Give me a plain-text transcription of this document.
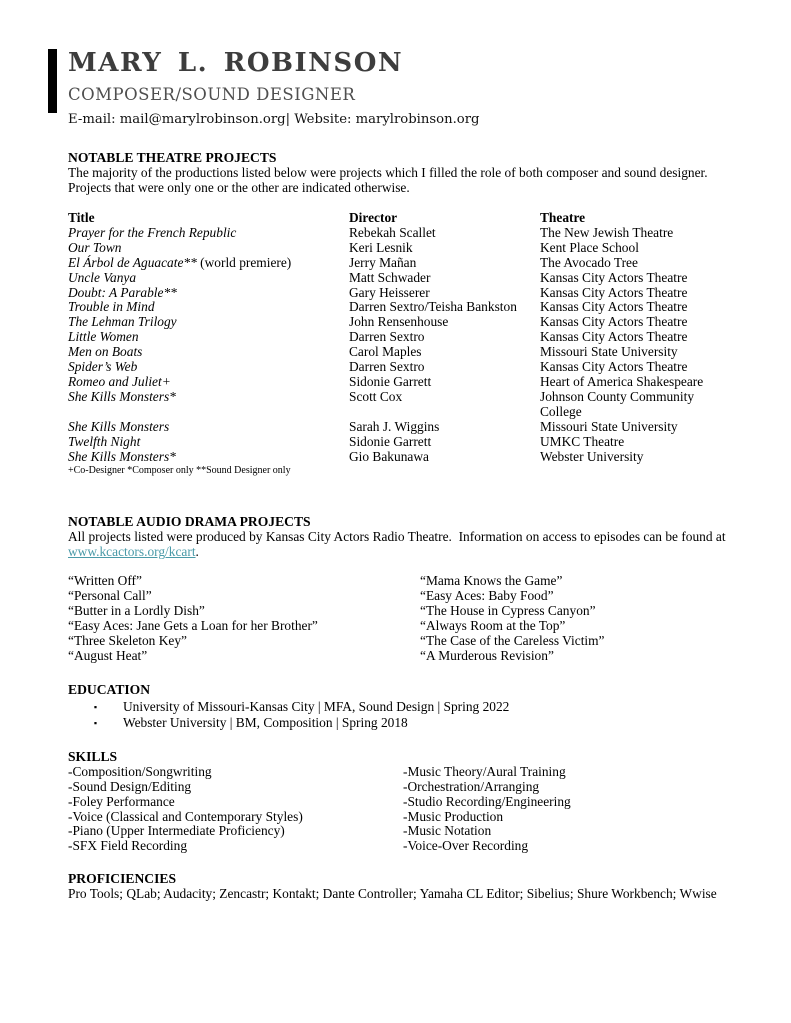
MARY L. ROBINSON
COMPOSER/SOUND DESIGNER
E-mail: mail@marylrobinson.org| Website: marylrobinson.org
NOTABLE THEATRE PROJECTS
The majority of the productions listed below were projects which I filled the role of both composer and sound designer. Projects that were only one or the other are indicated otherwise.
Title	Director	Theatre
Prayer for the French Republic	Rebekah Scallet	The New Jewish Theatre
Our Town	Keri Lesnik	Kent Place School
El Árbol de Aguacate** (world premiere)	Jerry Mañan	The Avocado Tree
Uncle Vanya	Matt Schwader	Kansas City Actors Theatre
Doubt: A Parable**	Gary Heisserer	Kansas City Actors Theatre
Trouble in Mind	Darren Sextro/Teisha Bankston	Kansas City Actors Theatre
The Lehman Trilogy	John Rensenhouse	Kansas City Actors Theatre
Little Women	Darren Sextro	Kansas City Actors Theatre
Men on Boats	Carol Maples	Missouri State University
Spider’s Web	Darren Sextro	Kansas City Actors Theatre
Romeo and Juliet+	Sidonie Garrett	Heart of America Shakespeare
She Kills Monsters*	Scott Cox	Johnson County Community College
She Kills Monsters	Sarah J. Wiggins	Missouri State University
Twelfth Night	Sidonie Garrett	UMKC Theatre
She Kills Monsters*	Gio Bakunawa	Webster University
+Co-Designer *Composer only **Sound Designer only
NOTABLE AUDIO DRAMA PROJECTS
All projects listed were produced by Kansas City Actors Radio Theatre.  Information on access to episodes can be found at www.kcactors.org/kcart.
“Written Off”
“Personal Call”
“Butter in a Lordly Dish”
“Easy Aces: Jane Gets a Loan for her Brother”
“Three Skeleton Key”
“August Heat”
“Mama Knows the Game”
“Easy Aces: Baby Food”
“The House in Cypress Canyon”
“Always Room at the Top”
“The Case of the Careless Victim”
“A Murderous Revision”
EDUCATION
▪	University of Missouri-Kansas City | MFA, Sound Design | Spring 2022
▪	Webster University | BM, Composition | Spring 2018
SKILLS
-Composition/Songwriting
-Sound Design/Editing
-Foley Performance
-Voice (Classical and Contemporary Styles)
-Piano (Upper Intermediate Proficiency)
-SFX Field Recording
-Music Theory/Aural Training
-Orchestration/Arranging
-Studio Recording/Engineering
-Music Production
-Music Notation
-Voice-Over Recording
PROFICIENCIES
Pro Tools; QLab; Audacity; Zencastr; Kontakt; Dante Controller; Yamaha CL Editor; Sibelius; Shure Workbench; Wwise
